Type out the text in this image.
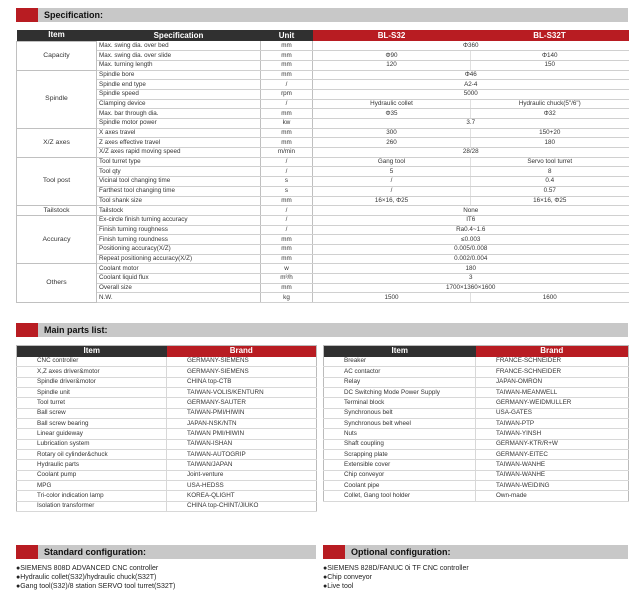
Specification:
Item	Specification	Unit	BL-S32	BL-S32T
Capacity	Max. swing dia. over bed	mm	Φ360	
	Max. swing dia. over slide	mm	Φ90	Φ140
	Max. turning length	mm	120	150
Spindle	Spindle bore	mm	Φ46	
	Spindle end type	/	A2-4	
	Spindle speed	rpm	5000	
	Clamping device	/	Hydraulic collet	Hydraulic chuck(5"/6")
	Max. bar through dia.	mm	Φ35	Φ32
	Spindle motor power	kw	3.7	
X/Z axes	X axes travel	mm	300	150+20
	Z axes effective travel	mm	260	180
	X/Z axes rapid moving speed	m/min	28/28	
Tool post	Tool turret type	/	Gang tool	Servo tool turret
	Tool qty	/	5	8
	Vicinal tool changing time	s	/	0.4
	Farthest tool changing time	s	/	0.57
	Tool shank size	mm	16×16, Φ25	16×16, Φ25
Tailstock	Tailstock	/	None	
Accuracy	Ex-circle finish turning accuracy	/	IT6	
	Finish turning roughness	/	Ra0.4~1.6	
	Finish turning roundness	mm	≤0.003	
	Positioning accuracy(X/Z)	mm	0.005/0.008	
	Repeat positioning accuracy(X/Z)	mm	0.002/0.004	
Others	Coolant motor	w	180	
	Coolant liquid flux	m³/h	3	
	Overall size	mm	1700×1360×1600	
	N.W.	kg	1500	1600
Main parts list:
Item	Brand
CNC controller	GERMANY-SIEMENS
X,Z axes driver&motor	GERMANY-SIEMENS
Spindle driver&motor	CHINA top-CTB
Spindle unit	TAIWAN-VOLIS/KENTURN
Tool turret	GERMANY-SAUTER
Ball screw	TAIWAN-PMI/HIWIN
Ball screw bearing	JAPAN-NSK/NTN
Linear guideway	TAIWAN PMI/HIWIN
Lubrication system	TAIWAN-ISHAN
Rotary oil cylinder&chuck	TAIWAN-AUTOGRIP
Hydraulic parts	TAIWAN/JAPAN
Coolant pump	Joint-venture
MPG	USA-HEDSS
Tri-color indication lamp	KOREA-QLIGHT
Isolation transformer	CHINA top-CHINT/JIUKO
Item	Brand
Breaker	FRANCE-SCHNEIDER
AC contactor	FRANCE-SCHNEIDER
Relay	JAPAN-OMRON
DC Switching Mode Power Supply	TAIWAN-MEANWELL
Terminal block	GERMANY-WEIDMULLER
Synchronous belt	USA-GATES
Synchronous belt wheel	TAIWAN-PTP
Nuts	TAIWAN-YINSH
Shaft coupling	GERMANY-KTR/R+W
Scrapping plate	GERMANY-EITEC
Extensible cover	TAIWAN-WANHE
Chip conveyor	TAIWAN-WANHE
Coolant pipe	TAIWAN-WEIDING
Collet, Gang tool holder	Own-made
Standard configuration:
●SIEMENS 808D ADVANCED CNC controller
●Hydraulic collet(S32)/hydraulic chuck(S32T)
●Gang tool(S32)/8 station SERVO tool turret(S32T)
Optional configuration:
●SIEMENS 828D/FANUC 0i TF CNC controller
●Chip conveyor
●Live tool
